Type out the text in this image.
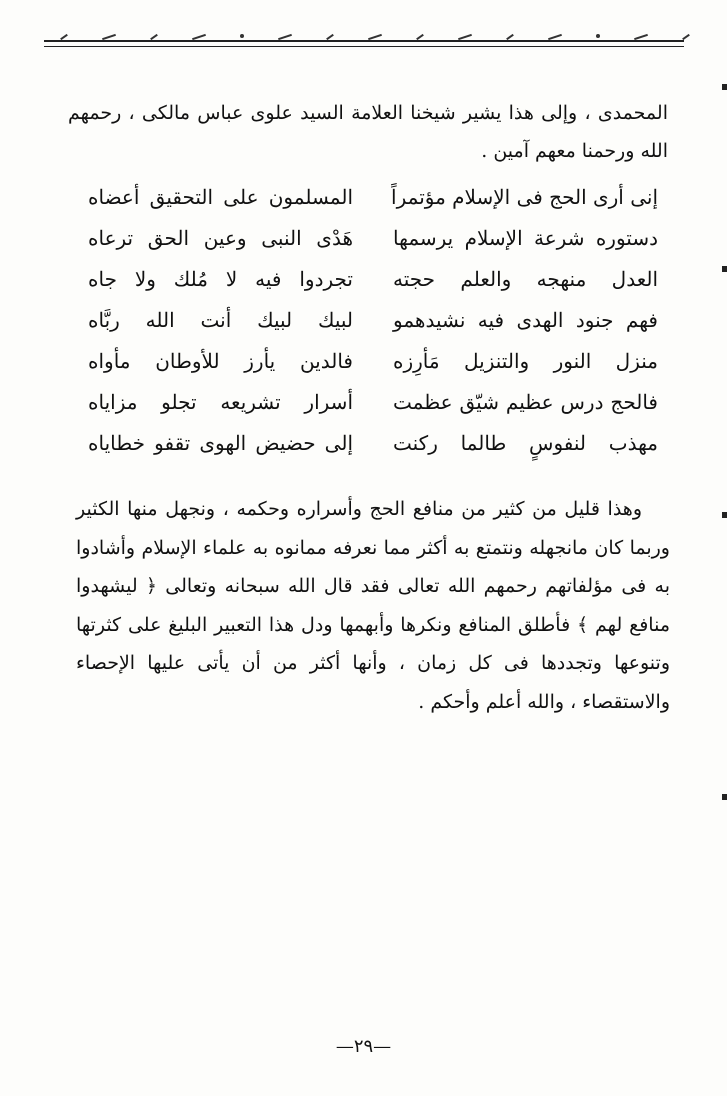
المحمدى ، وإلى هذا يشير شيخنا العلامة السيد علوى عباس مالكى ، رحمهم الله ورحمنا معهم آمين .
إنى أرى الحج فى الإسلام مؤتمراً
المسلمون على التحقيق أعضاه
دستوره شرعة الإسلام يرسمها
هَدْى النبى وعين الحق ترعاه
العدل منهجه والعلم حجته
تجردوا فيه لا مُلك ولا جاه
فهم جنود الهدى فيه نشيدهمو
لبيك لبيك أنت الله ربَّاه
منزل النور والتنزيل مَأرِزه
فالدين يأرز للأوطان مأواه
فالحج درس عظيم شيّق عظمت
أسرار تشريعه تجلو مزاياه
مهذب لنفوسٍ طالما ركنت
إلى حضيض الهوى تقفو خطاياه

وهذا قليل من كثير من منافع الحج وأسراره وحكمه ، ونجهل منها الكثير وربما كان مانجهله ونتمتع به أكثر مما نعرفه ممانوه به علماء الإسلام وأشادوا به فى مؤلفاتهم رحمهم الله تعالى فقد قال الله سبحانه وتعالى ﴿ ليشهدوا منافع لهم ﴾ فأطلق المنافع ونكرها وأبهمها ودل هذا التعبير البليغ على كثرتها وتنوعها وتجددها فى كل زمان ، وأنها أكثر من أن يأتى عليها الإحصاء والاستقصاء ، والله أعلم وأحكم .

—٢٩—
